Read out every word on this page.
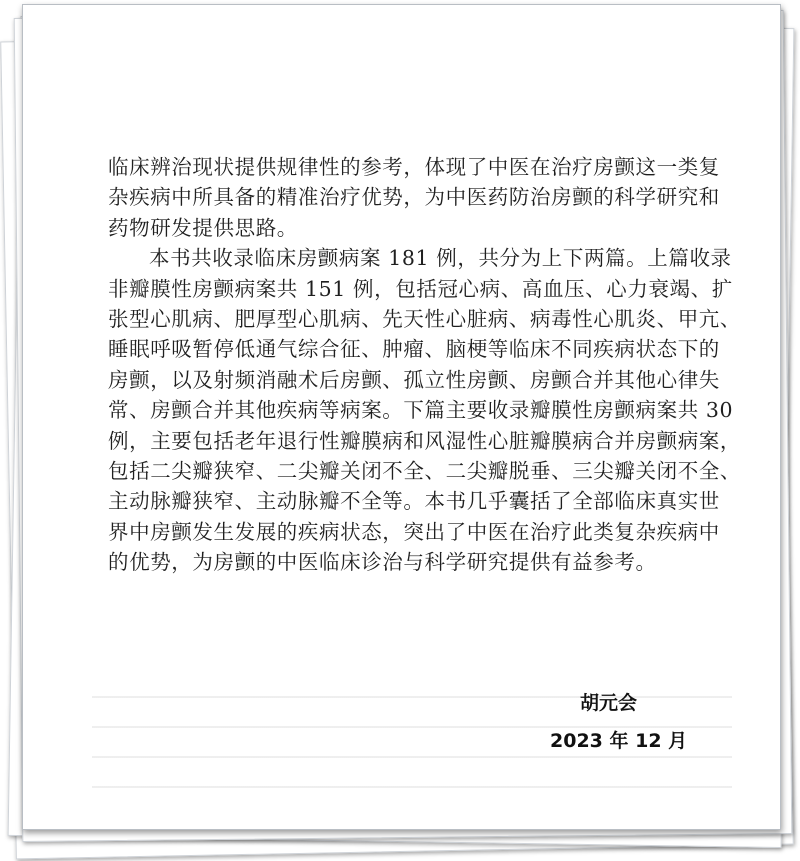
临床辨治现状提供规律性的参考，体现了中医在治疗房颤这一类复
杂疾病中所具备的精准治疗优势，为中医药防治房颤的科学研究和
药物研发提供思路。
本书共收录临床房颤病案 181 例，共分为上下两篇。上篇收录
非瓣膜性房颤病案共 151 例，包括冠心病、高血压、心力衰竭、扩
张型心肌病、肥厚型心肌病、先天性心脏病、病毒性心肌炎、甲亢、
睡眠呼吸暂停低通气综合征、肿瘤、脑梗等临床不同疾病状态下的
房颤，以及射频消融术后房颤、孤立性房颤、房颤合并其他心律失
常、房颤合并其他疾病等病案。下篇主要收录瓣膜性房颤病案共 30
例，主要包括老年退行性瓣膜病和风湿性心脏瓣膜病合并房颤病案，
包括二尖瓣狭窄、二尖瓣关闭不全、二尖瓣脱垂、三尖瓣关闭不全、
主动脉瓣狭窄、主动脉瓣不全等。本书几乎囊括了全部临床真实世
界中房颤发生发展的疾病状态，突出了中医在治疗此类复杂疾病中
的优势，为房颤的中医临床诊治与科学研究提供有益参考。
胡元会
2023 年 12 月
